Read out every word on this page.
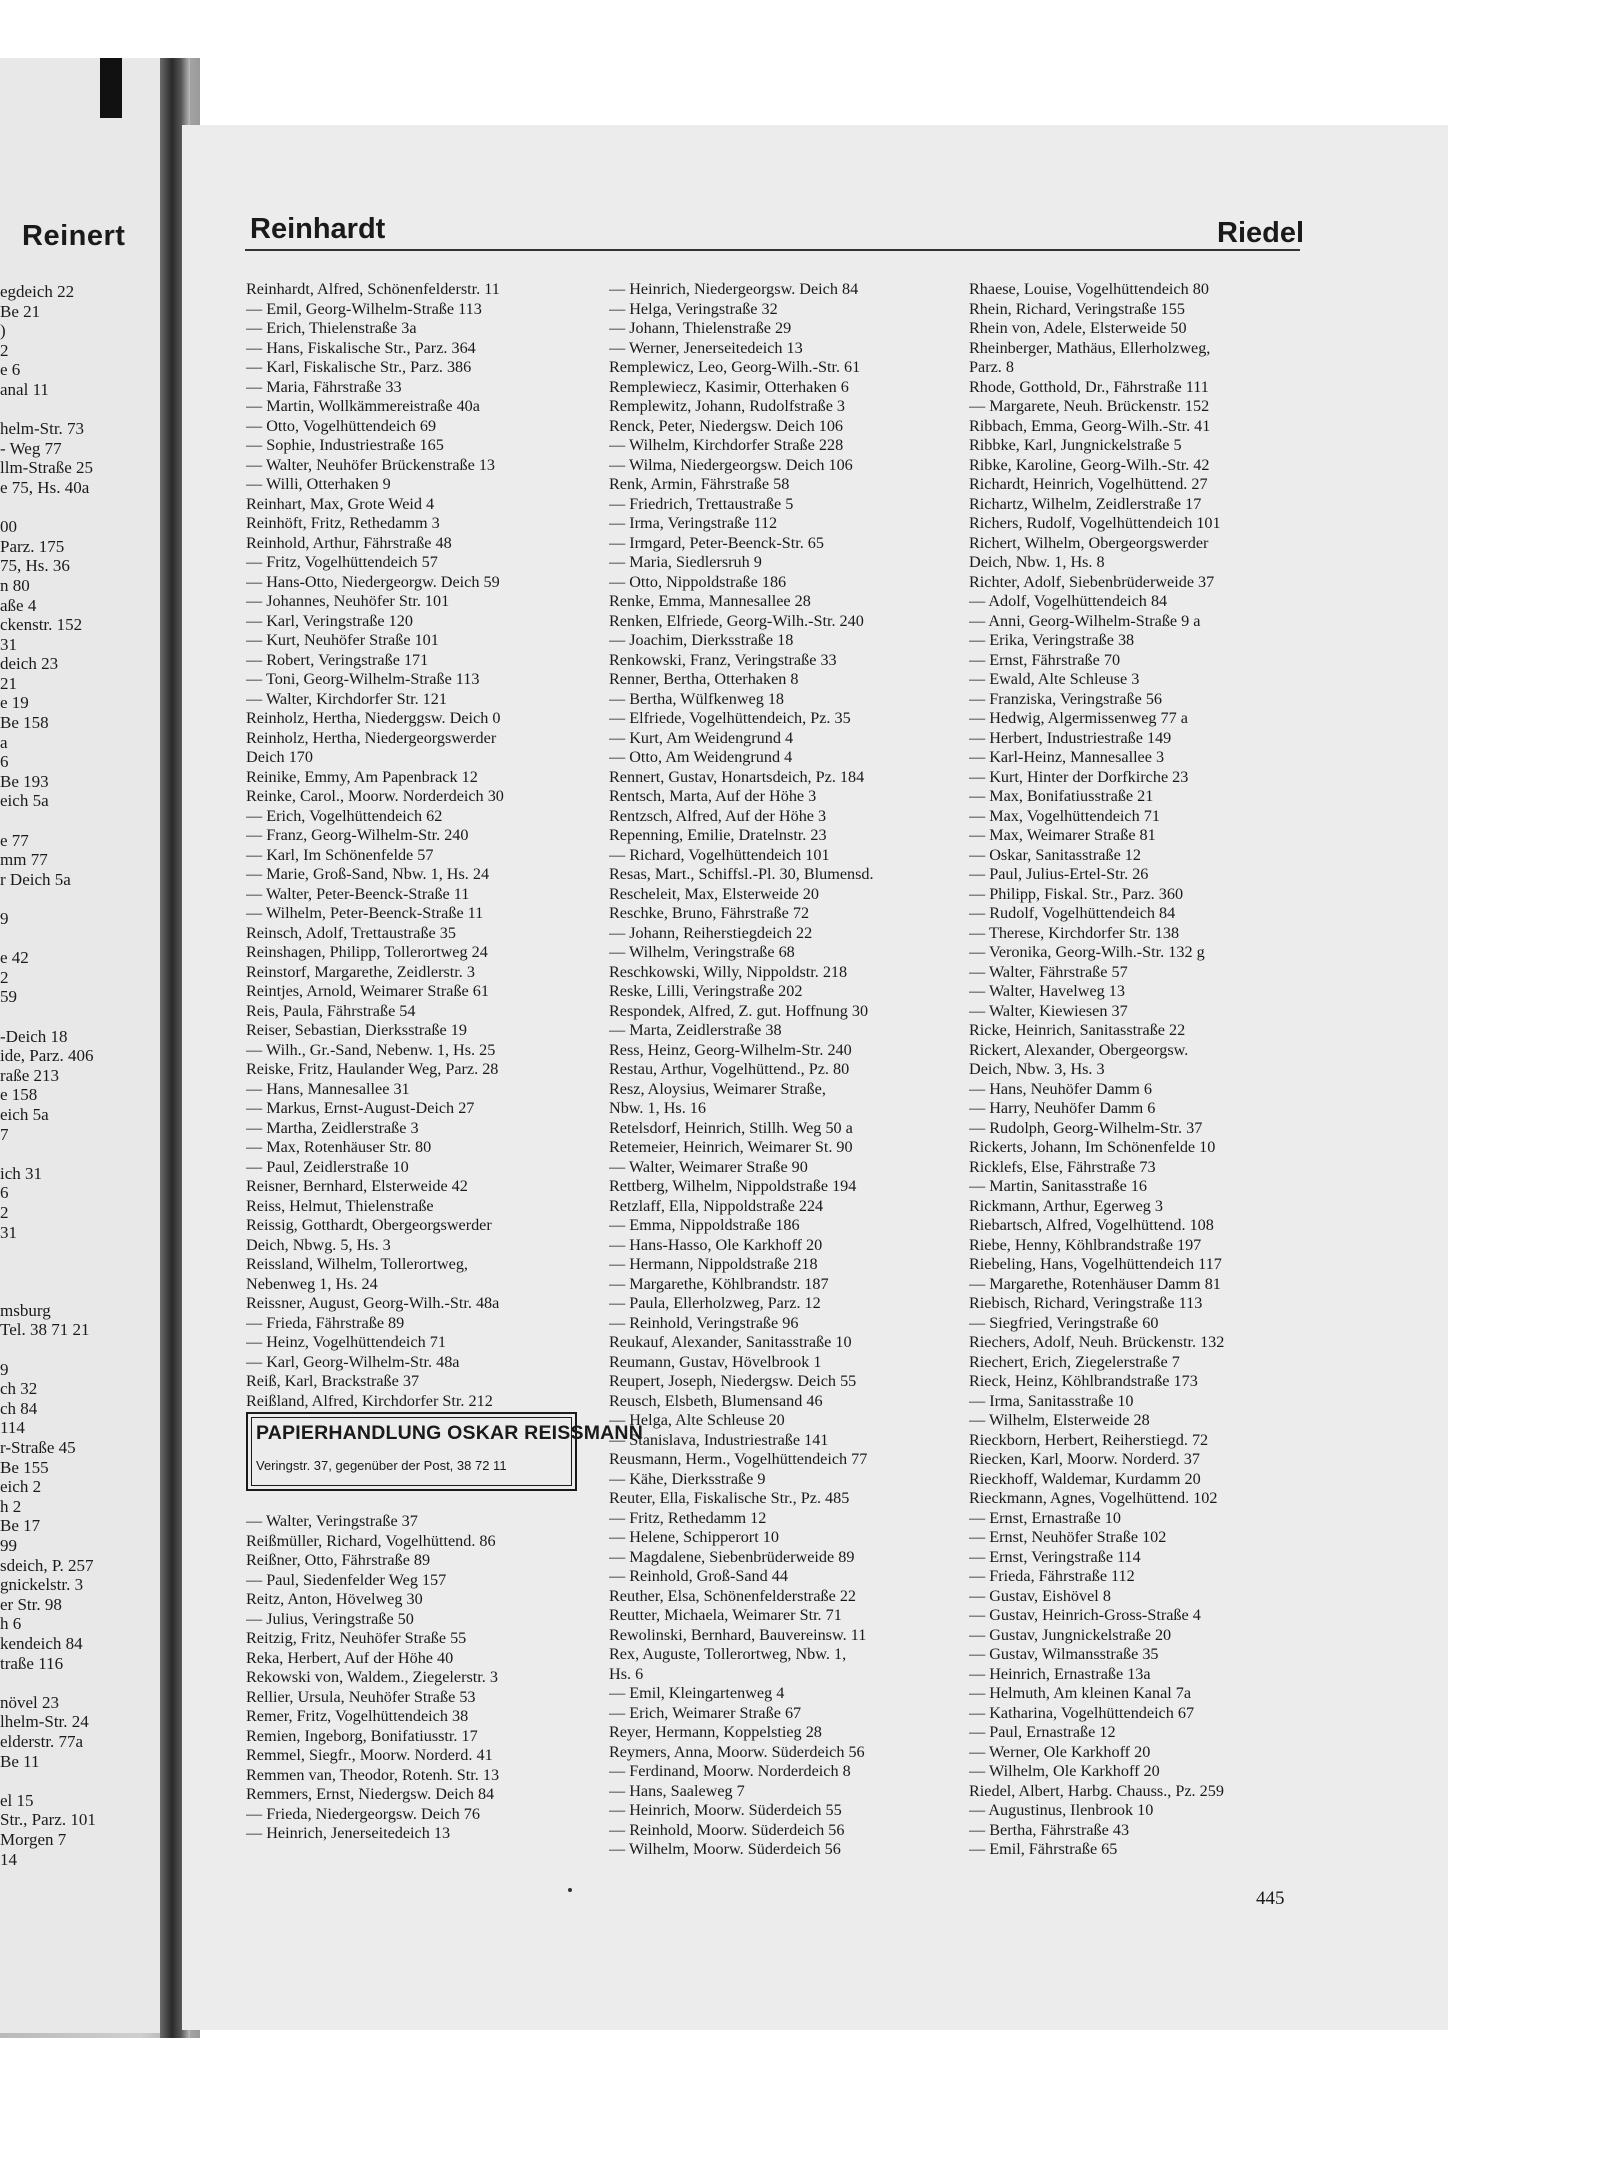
Reinert
egdeich 22
Be 21
)
2
e 6
anal 11
helm-Str. 73
- Weg 77
llm-Straße 25
e 75, Hs. 40a
00
Parz. 175
75, Hs. 36
n 80
aße 4
ckenstr. 152
31
deich 23
21
e 19
Be 158
a
6
Be 193
eich 5a
e 77
mm 77
r Deich 5a
9
e 42
2
59
-Deich 18
ide, Parz. 406
raße 213
e 158
eich 5a
7
ich 31
6
2
31
msburg
Tel. 38 71 21
9
ch 32
ch 84
114
r-Straße 45
Be 155
eich 2
h 2
Be 17
99
sdeich, P. 257
gnickelstr. 3
er Str. 98
h 6
kendeich 84
traße 116
növel 23
lhelm-Str. 24
elderstr. 77a
Be 11
el 15
Str., Parz. 101
Morgen 7
14
Reinhardt	Riedel
Reinhardt, Alfred, Schönenfelderstr. 11
— Emil, Georg-Wilhelm-Straße 113
— Erich, Thielenstraße 3a
— Hans, Fiskalische Str., Parz. 364
— Karl, Fiskalische Str., Parz. 386
— Maria, Fährstraße 33
— Martin, Wollkämmereistraße 40a
— Otto, Vogelhüttendeich 69
— Sophie, Industriestraße 165
— Walter, Neuhöfer Brückenstraße 13
— Willi, Otterhaken 9
Reinhart, Max, Grote Weid 4
Reinhöft, Fritz, Rethedamm 3
Reinhold, Arthur, Fährstraße 48
— Fritz, Vogelhüttendeich 57
— Hans-Otto, Niedergeorgw. Deich 59
— Johannes, Neuhöfer Str. 101
— Karl, Veringstraße 120
— Kurt, Neuhöfer Straße 101
— Robert, Veringstraße 171
— Toni, Georg-Wilhelm-Straße 113
— Walter, Kirchdorfer Str. 121
Reinholz, Hertha, Niederggsw. Deich 0
Reinholz, Hertha, Niedergeorgswerder
Deich 170
Reinike, Emmy, Am Papenbrack 12
Reinke, Carol., Moorw. Norderdeich 30
— Erich, Vogelhüttendeich 62
— Franz, Georg-Wilhelm-Str. 240
— Karl, Im Schönenfelde 57
— Marie, Groß-Sand, Nbw. 1, Hs. 24
— Walter, Peter-Beenck-Straße 11
— Wilhelm, Peter-Beenck-Straße 11
Reinsch, Adolf, Trettaustraße 35
Reinshagen, Philipp, Tollerortweg 24
Reinstorf, Margarethe, Zeidlerstr. 3
Reintjes, Arnold, Weimarer Straße 61
Reis, Paula, Fährstraße 54
Reiser, Sebastian, Dierksstraße 19
— Wilh., Gr.-Sand, Nebenw. 1, Hs. 25
Reiske, Fritz, Haulander Weg, Parz. 28
— Hans, Mannesallee 31
— Markus, Ernst-August-Deich 27
— Martha, Zeidlerstraße 3
— Max, Rotenhäuser Str. 80
— Paul, Zeidlerstraße 10
Reisner, Bernhard, Elsterweide 42
Reiss, Helmut, Thielenstraße
Reissig, Gotthardt, Obergeorgswerder
Deich, Nbwg. 5, Hs. 3
Reissland, Wilhelm, Tollerortweg,
Nebenweg 1, Hs. 24
Reissner, August, Georg-Wilh.-Str. 48a
— Frieda, Fährstraße 89
— Heinz, Vogelhüttendeich 71
— Karl, Georg-Wilhelm-Str. 48a
Reiß, Karl, Brackstraße 37
Reißland, Alfred, Kirchdorfer Str. 212
PAPIERHANDLUNG OSKAR REISSMANN
Veringstr. 37, gegenüber der Post, 38 72 11
— Walter, Veringstraße 37
Reißmüller, Richard, Vogelhüttend. 86
Reißner, Otto, Fährstraße 89
— Paul, Siedenfelder Weg 157
Reitz, Anton, Hövelweg 30
— Julius, Veringstraße 50
Reitzig, Fritz, Neuhöfer Straße 55
Reka, Herbert, Auf der Höhe 40
Rekowski von, Waldem., Ziegelerstr. 3
Rellier, Ursula, Neuhöfer Straße 53
Remer, Fritz, Vogelhüttendeich 38
Remien, Ingeborg, Bonifatiusstr. 17
Remmel, Siegfr., Moorw. Norderd. 41
Remmen van, Theodor, Rotenh. Str. 13
Remmers, Ernst, Niedergsw. Deich 84
— Frieda, Niedergeorgsw. Deich 76
— Heinrich, Jenerseitedeich 13
— Heinrich, Niedergeorgsw. Deich 84
— Helga, Veringstraße 32
— Johann, Thielenstraße 29
— Werner, Jenerseitedeich 13
Remplewicz, Leo, Georg-Wilh.-Str. 61
Remplewiecz, Kasimir, Otterhaken 6
Remplewitz, Johann, Rudolfstraße 3
Renck, Peter, Niedergsw. Deich 106
— Wilhelm, Kirchdorfer Straße 228
— Wilma, Niedergeorgsw. Deich 106
Renk, Armin, Fährstraße 58
— Friedrich, Trettaustraße 5
— Irma, Veringstraße 112
— Irmgard, Peter-Beenck-Str. 65
— Maria, Siedlersruh 9
— Otto, Nippoldstraße 186
Renke, Emma, Mannesallee 28
Renken, Elfriede, Georg-Wilh.-Str. 240
— Joachim, Dierksstraße 18
Renkowski, Franz, Veringstraße 33
Renner, Bertha, Otterhaken 8
— Bertha, Wülfkenweg 18
— Elfriede, Vogelhüttendeich, Pz. 35
— Kurt, Am Weidengrund 4
— Otto, Am Weidengrund 4
Rennert, Gustav, Honartsdeich, Pz. 184
Rentsch, Marta, Auf der Höhe 3
Rentzsch, Alfred, Auf der Höhe 3
Repenning, Emilie, Dratelnstr. 23
— Richard, Vogelhüttendeich 101
Resas, Mart., Schiffsl.-Pl. 30, Blumensd.
Rescheleit, Max, Elsterweide 20
Reschke, Bruno, Fährstraße 72
— Johann, Reiherstiegdeich 22
— Wilhelm, Veringstraße 68
Reschkowski, Willy, Nippoldstr. 218
Reske, Lilli, Veringstraße 202
Respondek, Alfred, Z. gut. Hoffnung 30
— Marta, Zeidlerstraße 38
Ress, Heinz, Georg-Wilhelm-Str. 240
Restau, Arthur, Vogelhüttend., Pz. 80
Resz, Aloysius, Weimarer Straße,
Nbw. 1, Hs. 16
Retelsdorf, Heinrich, Stillh. Weg 50 a
Retemeier, Heinrich, Weimarer St. 90
— Walter, Weimarer Straße 90
Rettberg, Wilhelm, Nippoldstraße 194
Retzlaff, Ella, Nippoldstraße 224
— Emma, Nippoldstraße 186
— Hans-Hasso, Ole Karkhoff 20
— Hermann, Nippoldstraße 218
— Margarethe, Köhlbrandstr. 187
— Paula, Ellerholzweg, Parz. 12
— Reinhold, Veringstraße 96
Reukauf, Alexander, Sanitasstraße 10
Reumann, Gustav, Hövelbrook 1
Reupert, Joseph, Niedergsw. Deich 55
Reusch, Elsbeth, Blumensand 46
— Helga, Alte Schleuse 20
— Stanislava, Industriestraße 141
Reusmann, Herm., Vogelhüttendeich 77
— Kähe, Dierksstraße 9
Reuter, Ella, Fiskalische Str., Pz. 485
— Fritz, Rethedamm 12
— Helene, Schipperort 10
— Magdalene, Siebenbrüderweide 89
— Reinhold, Groß-Sand 44
Reuther, Elsa, Schönenfelderstraße 22
Reutter, Michaela, Weimarer Str. 71
Rewolinski, Bernhard, Bauvereinsw. 11
Rex, Auguste, Tollerortweg, Nbw. 1,
Hs. 6
— Emil, Kleingartenweg 4
— Erich, Weimarer Straße 67
Reyer, Hermann, Koppelstieg 28
Reymers, Anna, Moorw. Süderdeich 56
— Ferdinand, Moorw. Norderdeich 8
— Hans, Saaleweg 7
— Heinrich, Moorw. Süderdeich 55
— Reinhold, Moorw. Süderdeich 56
— Wilhelm, Moorw. Süderdeich 56
Rhaese, Louise, Vogelhüttendeich 80
Rhein, Richard, Veringstraße 155
Rhein von, Adele, Elsterweide 50
Rheinberger, Mathäus, Ellerholzweg,
Parz. 8
Rhode, Gotthold, Dr., Fährstraße 111
— Margarete, Neuh. Brückenstr. 152
Ribbach, Emma, Georg-Wilh.-Str. 41
Ribbke, Karl, Jungnickelstraße 5
Ribke, Karoline, Georg-Wilh.-Str. 42
Richardt, Heinrich, Vogelhüttend. 27
Richartz, Wilhelm, Zeidlerstraße 17
Richers, Rudolf, Vogelhüttendeich 101
Richert, Wilhelm, Obergeorgswerder
Deich, Nbw. 1, Hs. 8
Richter, Adolf, Siebenbrüderweide 37
— Adolf, Vogelhüttendeich 84
— Anni, Georg-Wilhelm-Straße 9 a
— Erika, Veringstraße 38
— Ernst, Fährstraße 70
— Ewald, Alte Schleuse 3
— Franziska, Veringstraße 56
— Hedwig, Algermissenweg 77 a
— Herbert, Industriestraße 149
— Karl-Heinz, Mannesallee 3
— Kurt, Hinter der Dorfkirche 23
— Max, Bonifatiusstraße 21
— Max, Vogelhüttendeich 71
— Max, Weimarer Straße 81
— Oskar, Sanitasstraße 12
— Paul, Julius-Ertel-Str. 26
— Philipp, Fiskal. Str., Parz. 360
— Rudolf, Vogelhüttendeich 84
— Therese, Kirchdorfer Str. 138
— Veronika, Georg-Wilh.-Str. 132 g
— Walter, Fährstraße 57
— Walter, Havelweg 13
— Walter, Kiewiesen 37
Ricke, Heinrich, Sanitasstraße 22
Rickert, Alexander, Obergeorgsw.
Deich, Nbw. 3, Hs. 3
— Hans, Neuhöfer Damm 6
— Harry, Neuhöfer Damm 6
— Rudolph, Georg-Wilhelm-Str. 37
Rickerts, Johann, Im Schönenfelde 10
Ricklefs, Else, Fährstraße 73
— Martin, Sanitasstraße 16
Rickmann, Arthur, Egerweg 3
Riebartsch, Alfred, Vogelhüttend. 108
Riebe, Henny, Köhlbrandstraße 197
Riebeling, Hans, Vogelhüttendeich 117
— Margarethe, Rotenhäuser Damm 81
Riebisch, Richard, Veringstraße 113
— Siegfried, Veringstraße 60
Riechers, Adolf, Neuh. Brückenstr. 132
Riechert, Erich, Ziegelerstraße 7
Rieck, Heinz, Köhlbrandstraße 173
— Irma, Sanitasstraße 10
— Wilhelm, Elsterweide 28
Rieckborn, Herbert, Reiherstiegd. 72
Riecken, Karl, Moorw. Norderd. 37
Rieckhoff, Waldemar, Kurdamm 20
Rieckmann, Agnes, Vogelhüttend. 102
— Ernst, Ernastraße 10
— Ernst, Neuhöfer Straße 102
— Ernst, Veringstraße 114
— Frieda, Fährstraße 112
— Gustav, Eishövel 8
— Gustav, Heinrich-Gross-Straße 4
— Gustav, Jungnickelstraße 20
— Gustav, Wilmansstraße 35
— Heinrich, Ernastraße 13a
— Helmuth, Am kleinen Kanal 7a
— Katharina, Vogelhüttendeich 67
— Paul, Ernastraße 12
— Werner, Ole Karkhoff 20
— Wilhelm, Ole Karkhoff 20
Riedel, Albert, Harbg. Chauss., Pz. 259
— Augustinus, Ilenbrook 10
— Bertha, Fährstraße 43
— Emil, Fährstraße 65
445
